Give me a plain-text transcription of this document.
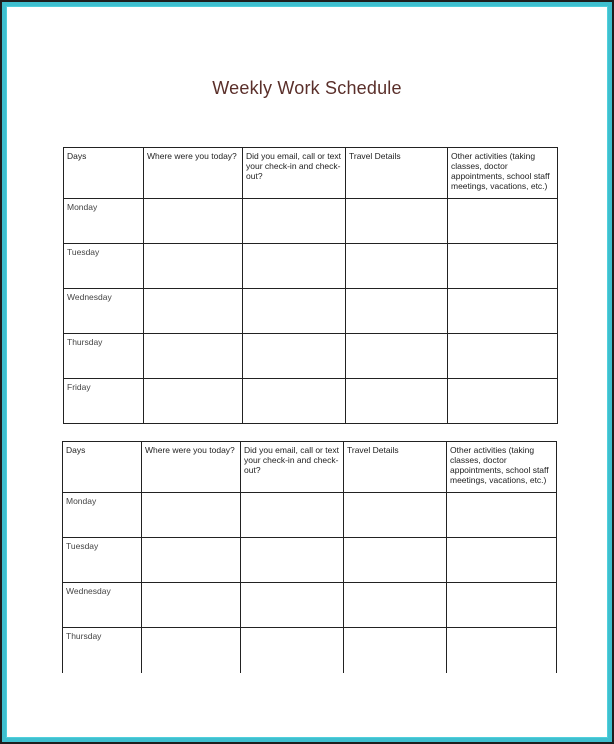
Weekly Work Schedule
Days	Where were you today?	Did you email, call or text your check-in and check-out?	Travel Details	Other activities (taking classes, doctor appointments, school staff meetings, vacations, etc.)
Monday				
Tuesday				
Wednesday				
Thursday				
Friday				
Days	Where were you today?	Did you email, call or text your check-in and check-out?	Travel Details	Other activities (taking classes, doctor appointments, school staff meetings, vacations, etc.)
Monday				
Tuesday				
Wednesday				
Thursday				
